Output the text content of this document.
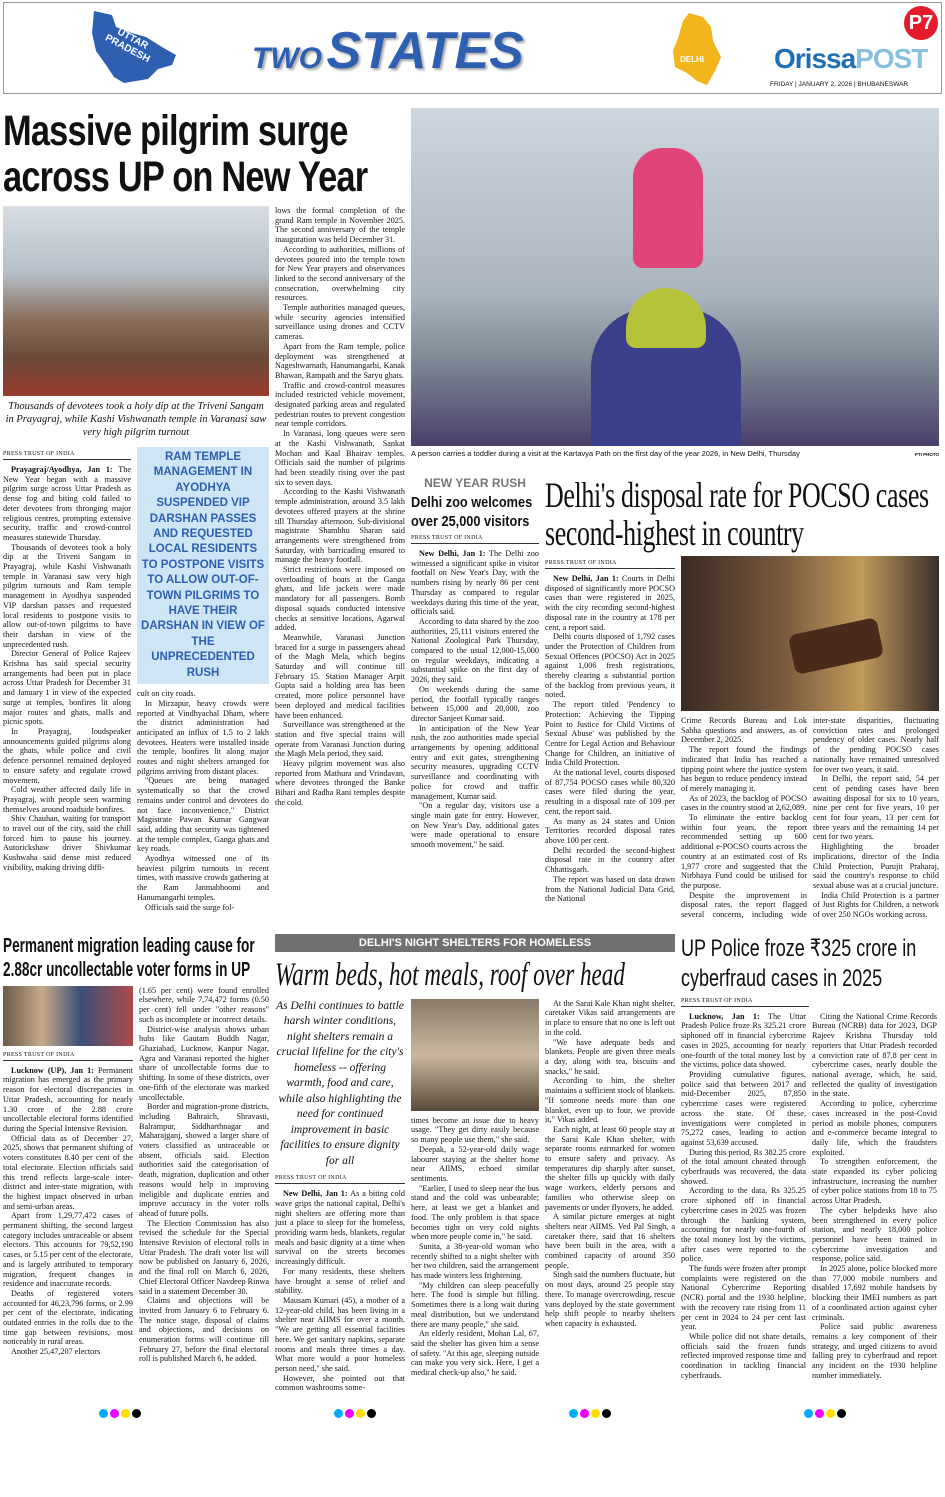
UTTAR PRADESH	TWO STATES	DELHI
P7
OrissaPOST
FRIDAY | JANUARY 2, 2026 | BHUBANESWAR
Massive pilgrim surge across UP on New Year
Thousands of devotees took a holy dip at the Triveni Sangam in Prayagraj, while Kashi Vishwanath temple in Varanasi saw very high pilgrim turnout
PRESS TRUST OF INDIA

Prayagraj/Ayodhya, Jan 1: The New Year began with a massive pilgrim surge across Uttar Pradesh as dense fog and biting cold failed to deter devotees from thronging major religious centres, prompting extensive security, traffic and crowd-control measures statewide Thursday.

Thousands of devotees took a holy dip at the Triveni Sangam in Prayagraj, while Kashi Vishwanath temple in Varanasi saw very high pilgrim turnouts and Ram temple management in Ayodhya suspended VIP darshan passes and requested local residents to postpone visits to allow out-of-town pilgrims to have their darshan in view of the unprecedented rush.

Director General of Police Rajeev Krishna has said special security arrangements had been put in place across Uttar Pradesh for December 31 and January 1 in view of the expected surge at temples, bonfires lit along major routes and ghats, malls and picnic spots.

In Prayagraj, loudspeaker announcements guided pilgrims along the ghats, while police and civil defence personnel remained deployed to ensure safety and regulate crowd movement.

Cold weather affected daily life in Prayagraj, with people seen warming themselves around roadside bonfires.

Shiv Chauhan, waiting for transport to travel out of the city, said the chill forced him to pause his journey. Autorickshaw driver Shivkumar Kushwaha said dense mist reduced visibility, making driving diffi-

RAM TEMPLE MANAGEMENT IN AYODHYA SUSPENDED VIP DARSHAN PASSES AND REQUESTED LOCAL RESIDENTS TO POSTPONE VISITS TO ALLOW OUT-OF-TOWN PILGRIMS TO HAVE THEIR DARSHAN IN VIEW OF THE UNPRECEDENTED RUSH

cult on city roads.

In Mirzapur, heavy crowds were reported at Vindhyachal Dham, where the district administration had anticipated an influx of 1.5 to 2 lakh devotees. Heaters were installed inside the temple, bonfires lit along major routes and night shelters arranged for pilgrims arriving from distant places.

"Queues are being managed systematically so that the crowd remains under control and devotees do not face inconvenience," District Magistrate Pawan Kumar Gangwar said, adding that security was tightened at the temple complex, Ganga ghats and key roads.

Ayodhya witnessed one of its heaviest pilgrim turnouts in recent times, with massive crowds gathering at the Ram Janmabhoomi and Hanumangarhi temples.

Officials said the surge fol-

lows the formal completion of the grand Ram temple in November 2025. The second anniversary of the temple inauguration was held December 31.

According to authorities, millions of devotees poured into the temple town for New Year prayers and observances linked to the second anniversary of the consecration, overwhelming city resources.

Temple authorities managed queues, while security agencies intensified surveillance using drones and CCTV cameras.

Apart from the Ram temple, police deployment was strengthened at Nageshwarnath, Hanumangarhi, Kanak Bhawan, Rampath and the Saryu ghats.

Traffic and crowd-control measures included restricted vehicle movement, designated parking areas and regulated pedestrian routes to prevent congestion near temple corridors.

In Varanasi, long queues were seen at the Kashi Vishwanath, Sankat Mochan and Kaal Bhairav temples. Officials said the number of pilgrims had been steadily rising over the past six to seven days.

According to the Kashi Vishwanath temple administration, around 3.5 lakh devotees offered prayers at the shrine till Thursday afternoon. Sub-divisional magistrate Shambhu Sharan said arrangements were strengthened from Saturday, with barricading ensured to manage the heavy footfall.

Strict restrictions were imposed on overloading of boats at the Ganga ghats, and life jackets were made mandatory for all passengers. Bomb disposal squads conducted intensive checks at sensitive locations, Agarwal added.

Meanwhile, Varanasi Junction braced for a surge in passengers ahead of the Magh Mela, which begins Saturday and will continue till February 15. Station Manager Arpit Gupta said a holding area has been created, more police personnel have been deployed and medical facilities have been enhanced.

Surveillance was strengthened at the station and five special trains will operate from Varanasi Junction during the Magh Mela period, they said.

Heavy pilgrim movement was also reported from Mathura and Vrindavan, where devotees thronged the Banke Bihari and Radha Rani temples despite the cold.

A person carries a toddler during a visit at the Kartavya Path on the first day of the year 2026, in New Delhi, Thursday	PTI PHOTO
NEW YEAR RUSH
Delhi zoo welcomes over 25,000 visitors
PRESS TRUST OF INDIA

New Delhi, Jan 1: The Delhi zoo witnessed a significant spike in visitor footfall on New Year's Day, with the numbers rising by nearly 86 per cent Thursday as compared to regular weekdays during this time of the year, officials said.

According to data shared by the zoo authorities, 25,111 visitors entered the National Zoological Park Thursday, compared to the usual 12,000-15,000 on regular weekdays, indicating a substantial spike on the first day of 2026, they said.

On weekends during the same period, the footfall typically ranges between 15,000 and 20,000, zoo director Sanjeet Kumar said.

In anticipation of the New Year rush, the zoo authorities made special arrangements by opening additional entry and exit gates, strengthening security measures, upgrading CCTV surveillance and coordinating with police for crowd and traffic management, Kumar said.

"On a regular day, visitors use a single main gate for entry. However, on New Year's Day, additional gates were made operational to ensure smooth movement," he said.

Delhi's disposal rate for POCSO cases second-highest in country
PRESS TRUST OF INDIA

New Delhi, Jan 1: Courts in Delhi disposed of significantly more POCSO cases than were registered in 2025, with the city recording second-highest disposal rate in the country at 178 per cent, a report said.

Delhi courts disposed of 1,792 cases under the Protection of Children from Sexual Offences (POCSO) Act in 2025 against 1,006 fresh registrations, thereby clearing a substantial portion of the backlog from previous years, it noted.

The report titled 'Pendency to Protection: Achieving the Tipping Point to Justice for Child Victims of Sexual Abuse' was published by the Centre for Legal Action and Behaviour Change for Children, an initiative of India Child Protection.

At the national level, courts disposed of 87,754 POCSO cases while 80,320 cases were filed during the year, resulting in a disposal rate of 109 per cent, the report said.

As many as 24 states and Union Territories recorded disposal rates above 100 per cent.

Delhi recorded the second-highest disposal rate in the country after Chhattisgarh.

The report was based on data drawn from the National Judicial Data Grid, the National

Crime Records Bureau and Lok Sabha questions and answers, as of December 2, 2025.

The report found the findings indicated that India has reached a tipping point where the justice system has begun to reduce pendency instead of merely managing it.

As of 2023, the backlog of POCSO cases in the country stood at 2,62,089.

To eliminate the entire backlog within four years, the report recommended setting up 600 additional e-POCSO courts across the country at an estimated cost of Rs 1,977 crore and suggested that the Nirbhaya Fund could be utilised for the purpose.

Despite the improvement in disposal rates, the report flagged several concerns, including wide inter-state disparities, fluctuating conviction rates and prolonged pendency of older cases. Nearly half of the pending POCSO cases nationally have remained unresolved for over two years, it said.

In Delhi, the report said, 54 per cent of pending cases have been awaiting disposal for six to 10 years, nine per cent for five years, 10 per cent for four years, 13 per cent for three years and the remaining 14 per cent for two years.

Highlighting the broader implications, director of the India Child Protection, Purujit Praharaj, said the country's response to child sexual abuse was at a crucial juncture.

India Child Protection is a partner of Just Rights for Children, a network of over 250 NGOs working across.

Permanent migration leading cause for 2.88cr uncollectable voter forms in UP
PRESS TRUST OF INDIA

Lucknow (UP), Jan 1: Permanent migration has emerged as the primary reason for electoral discrepancies in Uttar Pradesh, accounting for nearly 1.30 crore of the 2.88 crore uncollectable electoral forms identified during the Special Intensive Revision.

Official data as of December 27, 2025, shows that permanent shifting of voters constitutes 8.40 per cent of the total electorate. Election officials said this trend reflects large-scale inter-district and inter-state migration, with the highest impact observed in urban and semi-urban areas.

Apart from 1,29,77,472 cases of permanent shifting, the second largest category includes untraceable or absent electors. This accounts for 79,52,190 cases, or 5.15 per cent of the electorate, and is largely attributed to temporary migration, frequent changes in residence and inaccurate records.

Deaths of registered voters accounted for 46,23,796 forms, or 2.99 per cent of the electorate, indicating outdated entries in the rolls due to the time gap between revisions, most noticeably in rural areas.

Another 25,47,207 electors

(1.65 per cent) were found enrolled elsewhere, while 7,74,472 forms (0.50 per cent) fell under "other reasons" such as incomplete or incorrect details.

District-wise analysis shows urban hubs like Gautam Buddh Nagar, Ghaziabad, Lucknow, Kanpur Nagar, Agra and Varanasi reported the higher share of uncollectable forms due to shifting. In some of these districts, over one-fifth of the electorate was marked uncollectable.

Border and migration-prone districts, including Bahraich, Shravasti, Balrampur, Siddharthnagar and Maharajganj, showed a larger share of voters classified as untraceable or absent, officials said. Election authorities said the categorisation of death, migration, duplication and other reasons would help in improving ineligible and duplicate entries and improve accuracy in the voter rolls ahead of future polls.

The Election Commission has also revised the schedule for the Special Intensive Revision of electoral rolls in Uttar Pradesh. The draft voter list will now be published on January 6, 2026, and the final roll on March 6, 2026, Chief Electoral Officer Navdeep Rinwa said in a statement December 30.

Claims and objections will be invited from January 6 to February 6. The notice stage, disposal of claims and objections, and decisions on enumeration forms will continue till February 27, before the final electoral roll is published March 6, he added.

DELHI'S NIGHT SHELTERS FOR HOMELESS
Warm beds, hot meals, roof over head
As Delhi continues to battle harsh winter conditions, night shelters remain a crucial lifeline for the city's homeless -- offering warmth, food and care, while also highlighting the need for continued improvement in basic facilities to ensure dignity for all
PRESS TRUST OF INDIA

New Delhi, Jan 1: As a biting cold wave grips the national capital, Delhi's night shelters are offering more than just a place to sleep for the homeless, providing warm beds, blankets, regular meals and basic dignity at a time when survival on the streets becomes increasingly difficult.

For many residents, these shelters have brought a sense of relief and stability.

Mausam Kumari (45), a mother of a 12-year-old child, has been living in a shelter near AIIMS for over a month. "We are getting all essential facilities here. We get sanitary napkins, separate rooms and meals three times a day. What more would a poor homeless person need," she said.

However, she pointed out that common washrooms some-

times become an issue due to heavy usage. "They get dirty easily because so many people use them," she said.

Deepak, a 52-year-old daily wage labourer staying at the shelter home near AIIMS, echoed similar sentiments.

"Earlier, I used to sleep near the bus stand and the cold was unbearable; here, at least we get a blanket and food. The only problem is that space becomes tight on very cold nights when more people come in," he said.

Sunita, a 38-year-old woman who recently shifted to a night shelter with her two children, said the arrangement has made winters less frightening.

"My children can sleep peacefully here. The food is simple but filling. Sometimes there is a long wait during meal distribution, but we understand there are many people," she said.

An elderly resident, Mohan Lal, 67, said the shelter has given him a sense of safety. "At this age, sleeping outside can make you very sick. Here, I get a medical check-up also," he said.

At the Sarai Kale Khan night shelter, caretaker Vikas said arrangements are in place to ensure that no one is left out in the cold.

"We have adequate beds and blankets. People are given three meals a day, along with tea, biscuits and snacks," he said.

According to him, the shelter maintains a sufficient stock of blankets. "If someone needs more than one blanket, even up to four, we provide it," Vikas added.

Each night, at least 60 people stay at the Sarai Kale Khan shelter, with separate rooms earmarked for women to ensure safety and privacy. As temperatures dip sharply after sunset, the shelter fills up quickly with daily wage workers, elderly persons and families who otherwise sleep on pavements or under flyovers, he added.

A similar picture emerges at night shelters near AIIMS. Ved Pal Singh, a caretaker there, said that 16 shelters have been built in the area, with a combined capacity of around 350 people.

Singh said the numbers fluctuate, but on most days, around 25 people stay there. To manage overcrowding, rescue vans deployed by the state government help shift people to nearby shelters when capacity is exhausted.

UP Police froze ₹325 crore in cyberfraud cases in 2025
PRESS TRUST OF INDIA

Lucknow, Jan 1: The Uttar Pradesh Police froze Rs 325.21 crore siphoned off in financial cybercrime cases in 2025, accounting for nearly one-fourth of the total money lost by the victims, police data showed.

Providing cumulative figures, police said that between 2017 and mid-December 2025, 87,850 cybercrime cases were registered across the state. Of these, investigations were completed in 75,272 cases, leading to action against 53,639 accused.

During this period, Rs 382.25 crore of the total amount cheated through cyberfrauds was recovered, the data showed.

According to the data, Rs 325.25 crore siphoned off in financial cybercrime cases in 2025 was frozen through the banking system, accounting for nearly one-fourth of the total money lost by the victims, after cases were reported to the police.

The funds were frozen after prompt complaints were registered on the National Cybercrime Reporting (NCR) portal and the 1930 helpline, with the recovery rate rising from 11 per cent in 2024 to 24 per cent last year.

While police did not share details, officials said the frozen funds reflected improved response time and coordination in tackling financial cyberfrauds.

Citing the National Crime Records Bureau (NCRB) data for 2023, DGP Rajeev Krishna Thursday told reporters that Uttar Pradesh recorded a conviction rate of 87.8 per cent in cybercrime cases, nearly double the national average, which, he said, reflected the quality of investigation in the state.

According to police, cybercrime cases increased in the post-Covid period as mobile phones, computers and e-commerce became integral to daily life, which the fraudsters exploited.

To strengthen enforcement, the state expanded its cyber policing infrastructure, increasing the number of cyber police stations from 18 to 75 across Uttar Pradesh.

The cyber helpdesks have also been strengthened in every police station, and nearly 18,000 police personnel have been trained in cybercrime investigation and response, police said.

In 2025 alone, police blocked more than 77,000 mobile numbers and disabled 17,692 mobile handsets by blocking their IMEI numbers as part of a coordinated action against cyber criminals.

Police said public awareness remains a key component of their strategy, and urged citizens to avoid falling prey to cyberfraud and report any incident on the 1930 helpline number immediately.
